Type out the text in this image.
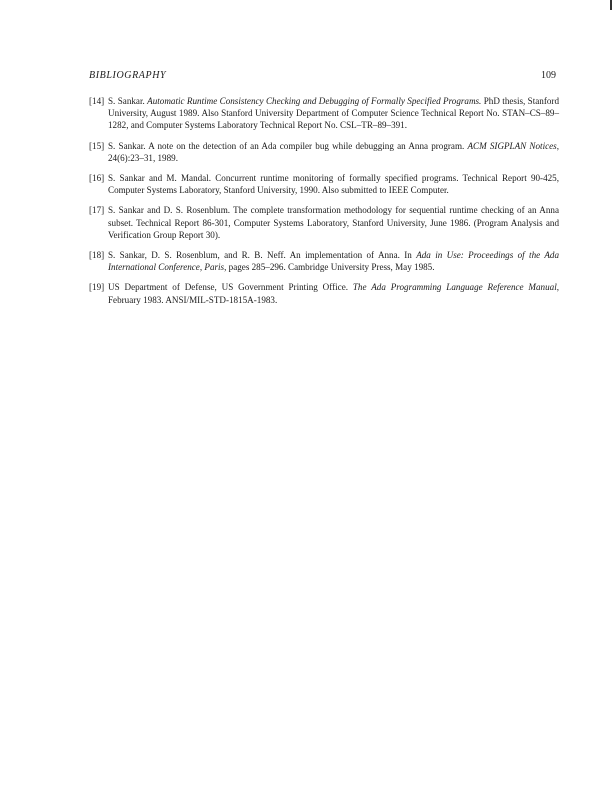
BIBLIOGRAPHY	109
[14] S. Sankar. Automatic Runtime Consistency Checking and Debugging of Formally Specified Programs. PhD thesis, Stanford University, August 1989. Also Stanford University Department of Computer Science Technical Report No. STAN–CS–89–1282, and Computer Systems Laboratory Technical Report No. CSL–TR–89–391.
[15] S. Sankar. A note on the detection of an Ada compiler bug while debugging an Anna program. ACM SIGPLAN Notices, 24(6):23–31, 1989.
[16] S. Sankar and M. Mandal. Concurrent runtime monitoring of formally specified programs. Technical Report 90-425, Computer Systems Laboratory, Stanford University, 1990. Also submitted to IEEE Computer.
[17] S. Sankar and D. S. Rosenblum. The complete transformation methodology for sequential runtime checking of an Anna subset. Technical Report 86-301, Computer Systems Laboratory, Stanford University, June 1986. (Program Analysis and Verification Group Report 30).
[18] S. Sankar, D. S. Rosenblum, and R. B. Neff. An implementation of Anna. In Ada in Use: Proceedings of the Ada International Conference, Paris, pages 285–296. Cambridge University Press, May 1985.
[19] US Department of Defense, US Government Printing Office. The Ada Programming Language Reference Manual, February 1983. ANSI/MIL-STD-1815A-1983.
